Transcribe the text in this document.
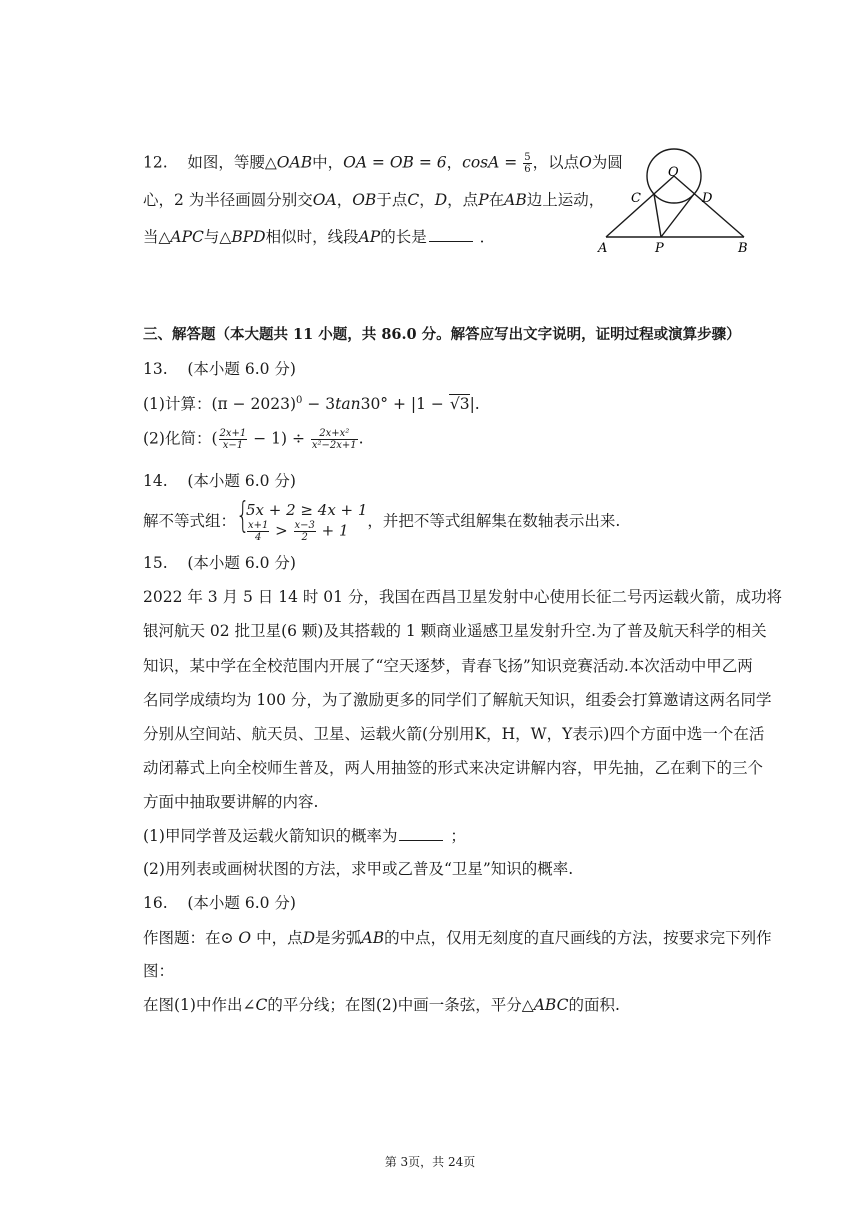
12. 如图，等腰△OAB中，OA = OB = 6，$\cos A = \frac{5}{6}$ ，以点O为圆
心，2 为半径画圆分别交OA，OB于点C，D，点P在AB边上运动，
当△APC与△BPD相似时，线段AP的长是	．
O
C	D
A	P	B
三、解答题（本大题共 11 小题，共 86.0 分。解答应写出文字说明，证明过程或演算步骤）
13. (本小题 6.0 分)
(1)计算：$(\pi - 2023)^0 - 3\tan 30^\circ + |1 - √3|$.
(2)化简：( $\frac{2x+1}{x-1} - 1) \div \frac{\text{2x+x²}}{\text{x²−2x+1}}$ .
14. (本小题 6.0 分)
解不等式组： {
5x + 2 ≥ 4x + 1
$\frac{x+1}{4} > \frac{x-3}{2} + 1$
，并把不等式组解集在数轴表示出来.
15. (本小题 6.0 分)
2022 年 3 月 5 日 14 时 01 分，我国在西昌卫星发射中心使用长征二号丙运载火箭，成功将
银河航天 02 批卫星(6 颗)及其搭载的 1 颗商业遥感卫星发射升空.为了普及航天科学的相关
知识，某中学在全校范围内开展了“空天逐梦，青春飞扬”知识竞赛活动.本次活动中甲乙两
名同学成绩均为 100 分，为了激励更多的同学们了解航天知识，组委会打算邀请这两名同学
分别从空间站、航天员、卫星、运载火箭(分别用K，H，W，Y表示)四个方面中选一个在活
动闭幕式上向全校师生普及，两人用抽签的形式来决定讲解内容，甲先抽，乙在剩下的三个
方面中抽取要讲解的内容.
(1)甲同学普及运载火箭知识的概率为	；
(2)用列表或画树状图的方法，求甲或乙普及“卫星”知识的概率.
16. (本小题 6.0 分)
作图题：在⊙ O 中，点D是劣弧AB的中点，仅用无刻度的直尺画线的方法，按要求完下列作
图：
在图(1)中作出∠C的平分线；在图(2)中画一条弦，平分△ABC的面积.
第 3页，共 24页
